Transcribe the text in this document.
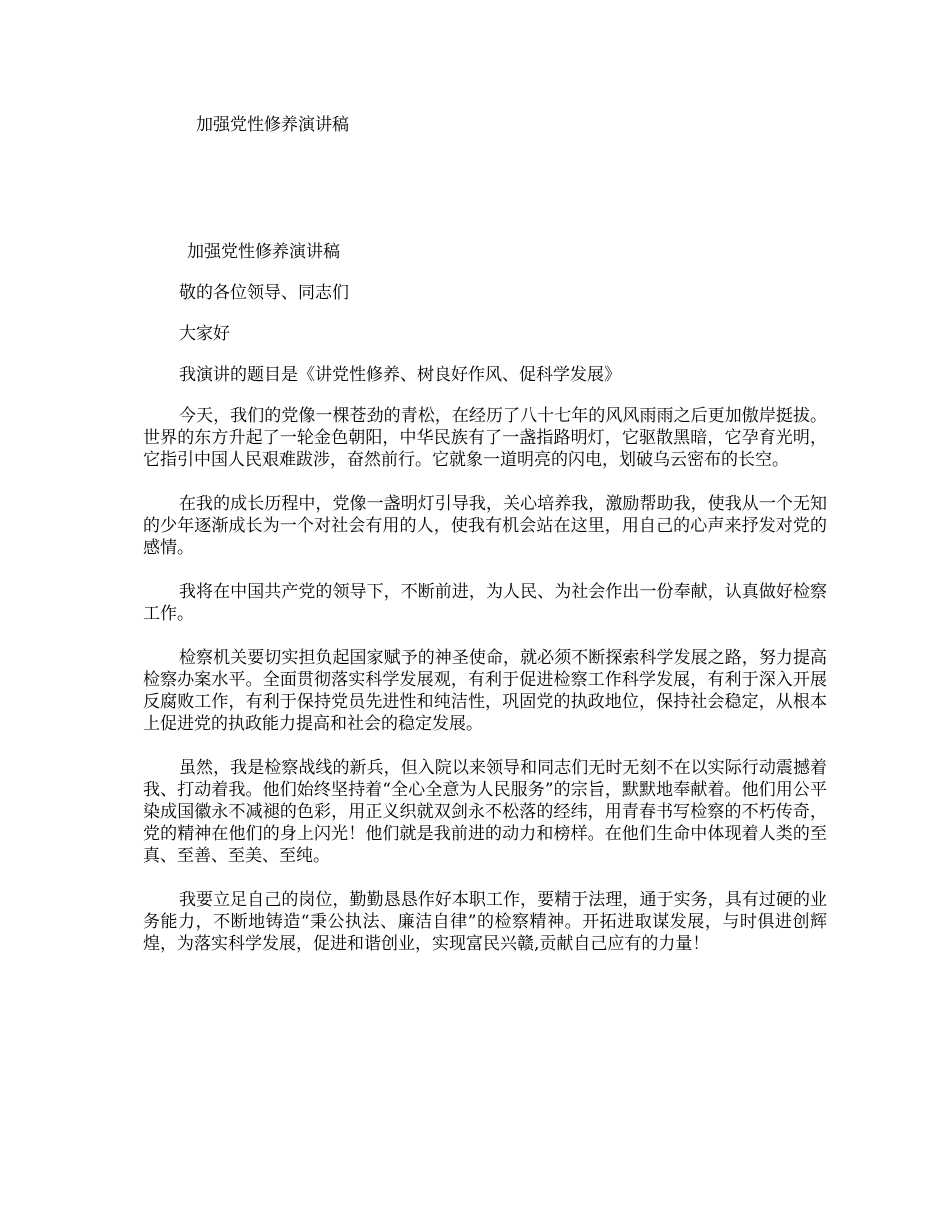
加强党性修养演讲稿

加强党性修养演讲稿

敬的各位领导、同志们

大家好

我演讲的题目是《讲党性修养、树良好作风、促科学发展》

今天，我们的党像一棵苍劲的青松，在经历了八十七年的风风雨雨之后更加傲岸挺拔。世界的东方升起了一轮金色朝阳，中华民族有了一盏指路明灯，它驱散黑暗，它孕育光明，它指引中国人民艰难跋涉，奋然前行。它就象一道明亮的闪电，划破乌云密布的长空。

在我的成长历程中，党像一盏明灯引导我，关心培养我，激励帮助我，使我从一个无知的少年逐渐成长为一个对社会有用的人，使我有机会站在这里，用自己的心声来抒发对党的感情。

我将在中国共产党的领导下，不断前进，为人民、为社会作出一份奉献，认真做好检察工作。

检察机关要切实担负起国家赋予的神圣使命，就必须不断探索科学发展之路，努力提高检察办案水平。全面贯彻落实科学发展观，有利于促进检察工作科学发展，有利于深入开展反腐败工作，有利于保持党员先进性和纯洁性，巩固党的执政地位，保持社会稳定，从根本上促进党的执政能力提高和社会的稳定发展。

虽然，我是检察战线的新兵，但入院以来领导和同志们无时无刻不在以实际行动震撼着我、打动着我。他们始终坚持着“全心全意为人民服务”的宗旨，默默地奉献着。他们用公平染成国徽永不减褪的色彩，用正义织就双剑永不松落的经纬，用青春书写检察的不朽传奇，党的精神在他们的身上闪光！他们就是我前进的动力和榜样。在他们生命中体现着人类的至真、至善、至美、至纯。

我要立足自己的岗位，勤勤恳恳作好本职工作，要精于法理，通于实务，具有过硬的业务能力，不断地铸造“秉公执法、廉洁自律”的检察精神。开拓进取谋发展，与时俱进创辉煌，为落实科学发展，促进和谐创业，实现富民兴赣,贡献自己应有的力量！
